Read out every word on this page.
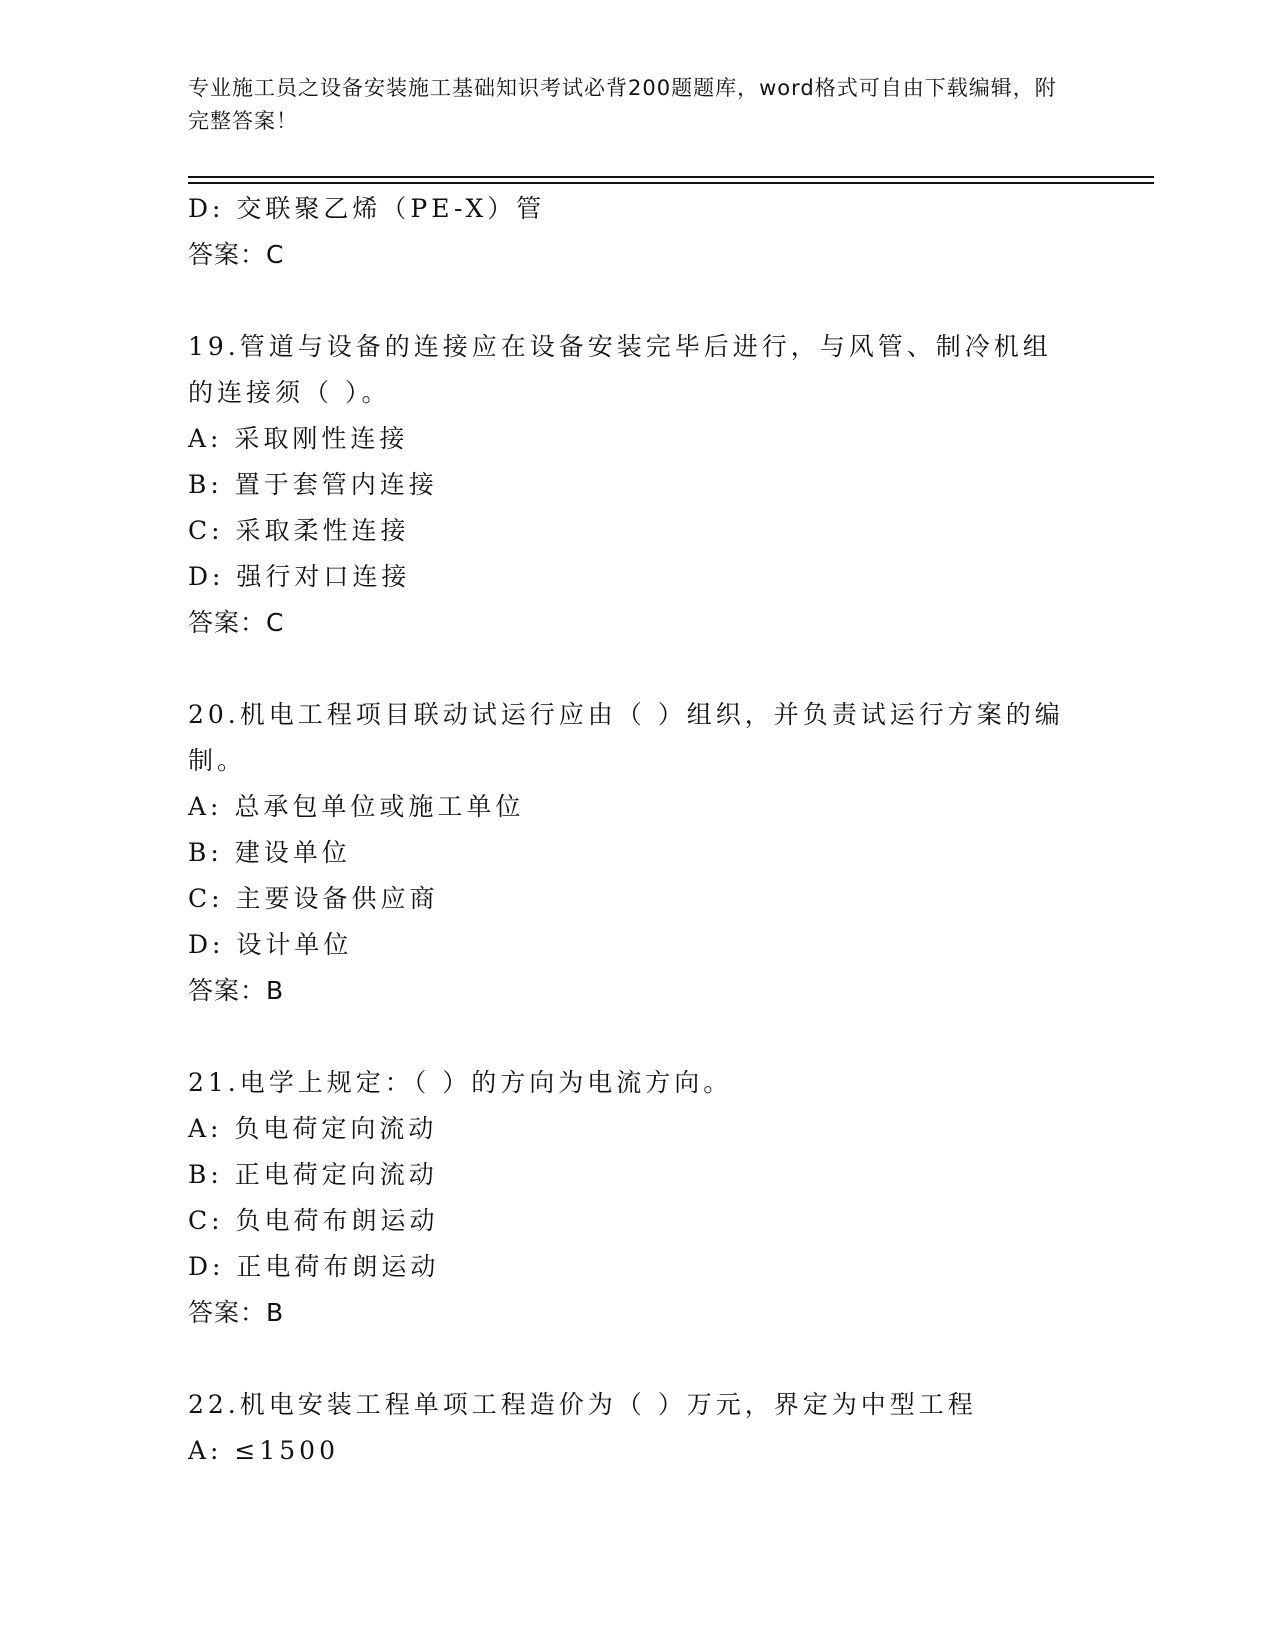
专业施工员之设备安装施工基础知识考试必背200题题库，word格式可自由下载编辑，附完整答案！
D: 交联聚乙烯（PE-X）管
答案：C
19.管道与设备的连接应在设备安装完毕后进行，与风管、制冷机组的连接须（ ）。
A: 采取刚性连接
B: 置于套管内连接
C: 采取柔性连接
D: 强行对口连接
答案：C
20.机电工程项目联动试运行应由（ ）组织，并负责试运行方案的编制。
A: 总承包单位或施工单位
B: 建设单位
C: 主要设备供应商
D: 设计单位
答案：B
21.电学上规定：（ ）的方向为电流方向。
A: 负电荷定向流动
B: 正电荷定向流动
C: 负电荷布朗运动
D: 正电荷布朗运动
答案：B
22.机电安装工程单项工程造价为（ ）万元，界定为中型工程
A: ≤1500
